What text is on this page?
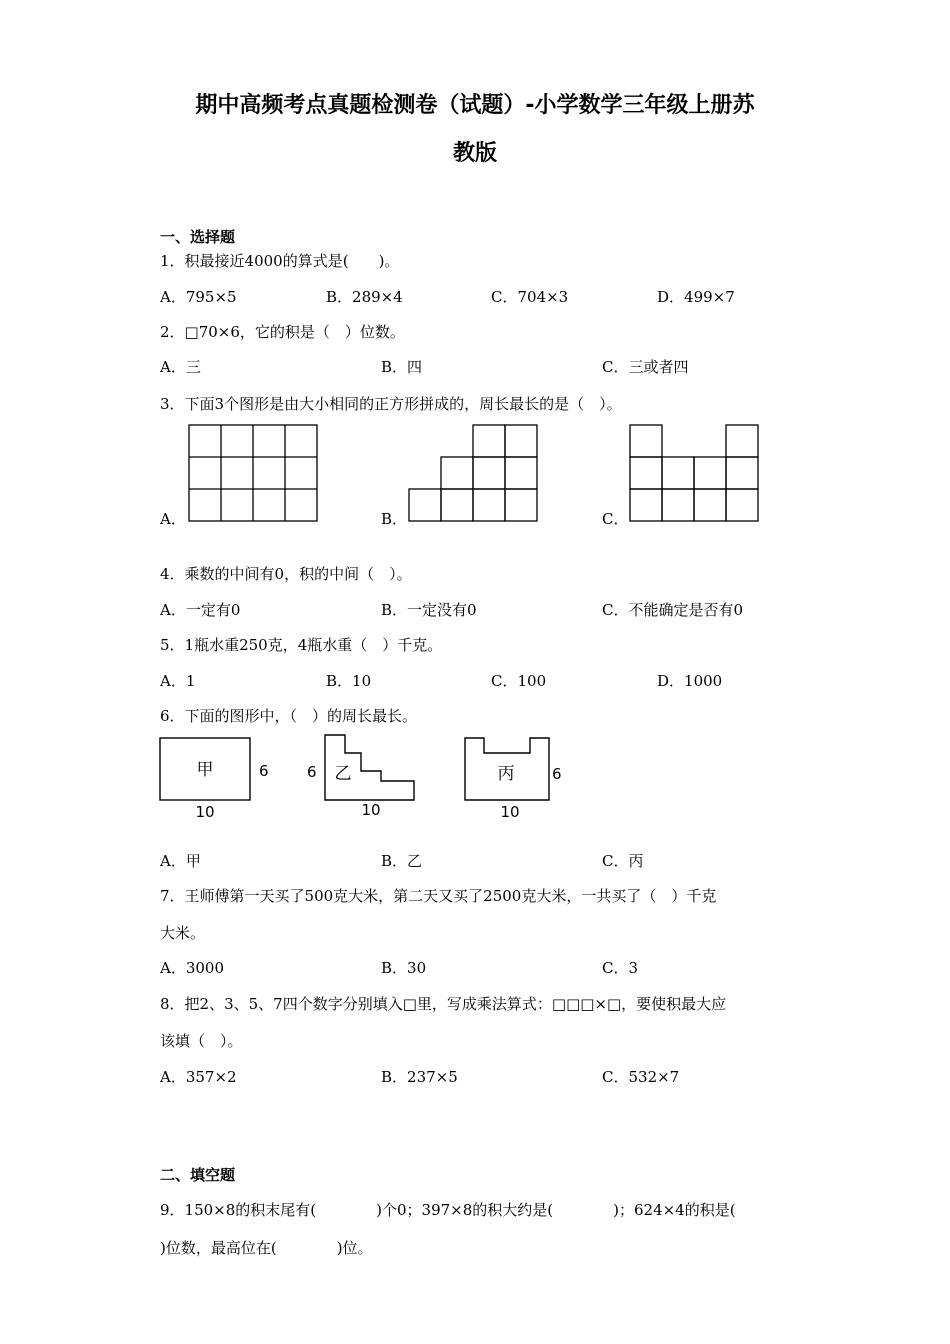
期中高频考点真题检测卷（试题）-小学数学三年级上册苏
教版
一、选择题
1．积最接近4000的算式是(　　)。
A．795×5	B．289×4	C．704×3	D．499×7
2．□70×6，它的积是（　）位数。
A．三	B．四	C．三或者四
3．下面3个图形是由大小相同的正方形拼成的，周长最长的是（　）。
A．	B．	C．
4．乘数的中间有0，积的中间（　）。
A．一定有0	B．一定没有0	C．不能确定是否有0
5．1瓶水重250克，4瓶水重（　）千克。
A．1	B．10	C．100	D．1000
6．下面的图形中，（　）的周长最长。
甲	6
10
6 乙
10
丙	6
10
A．甲	B．乙	C．丙
7．王师傅第一天买了500克大米，第二天又买了2500克大米，一共买了（　）千克
大米。
A．3000	B．30	C．3
8．把2、3、5、7四个数字分别填入□里，写成乘法算式：□□□×□，要使积最大应
该填（　）。
A．357×2	B．237×5	C．532×7
二、填空题
9．150×8的积末尾有(　　　　)个0；397×8的积大约是(　　　　)；624×4的积是(
)位数，最高位在(　　　　)位。
